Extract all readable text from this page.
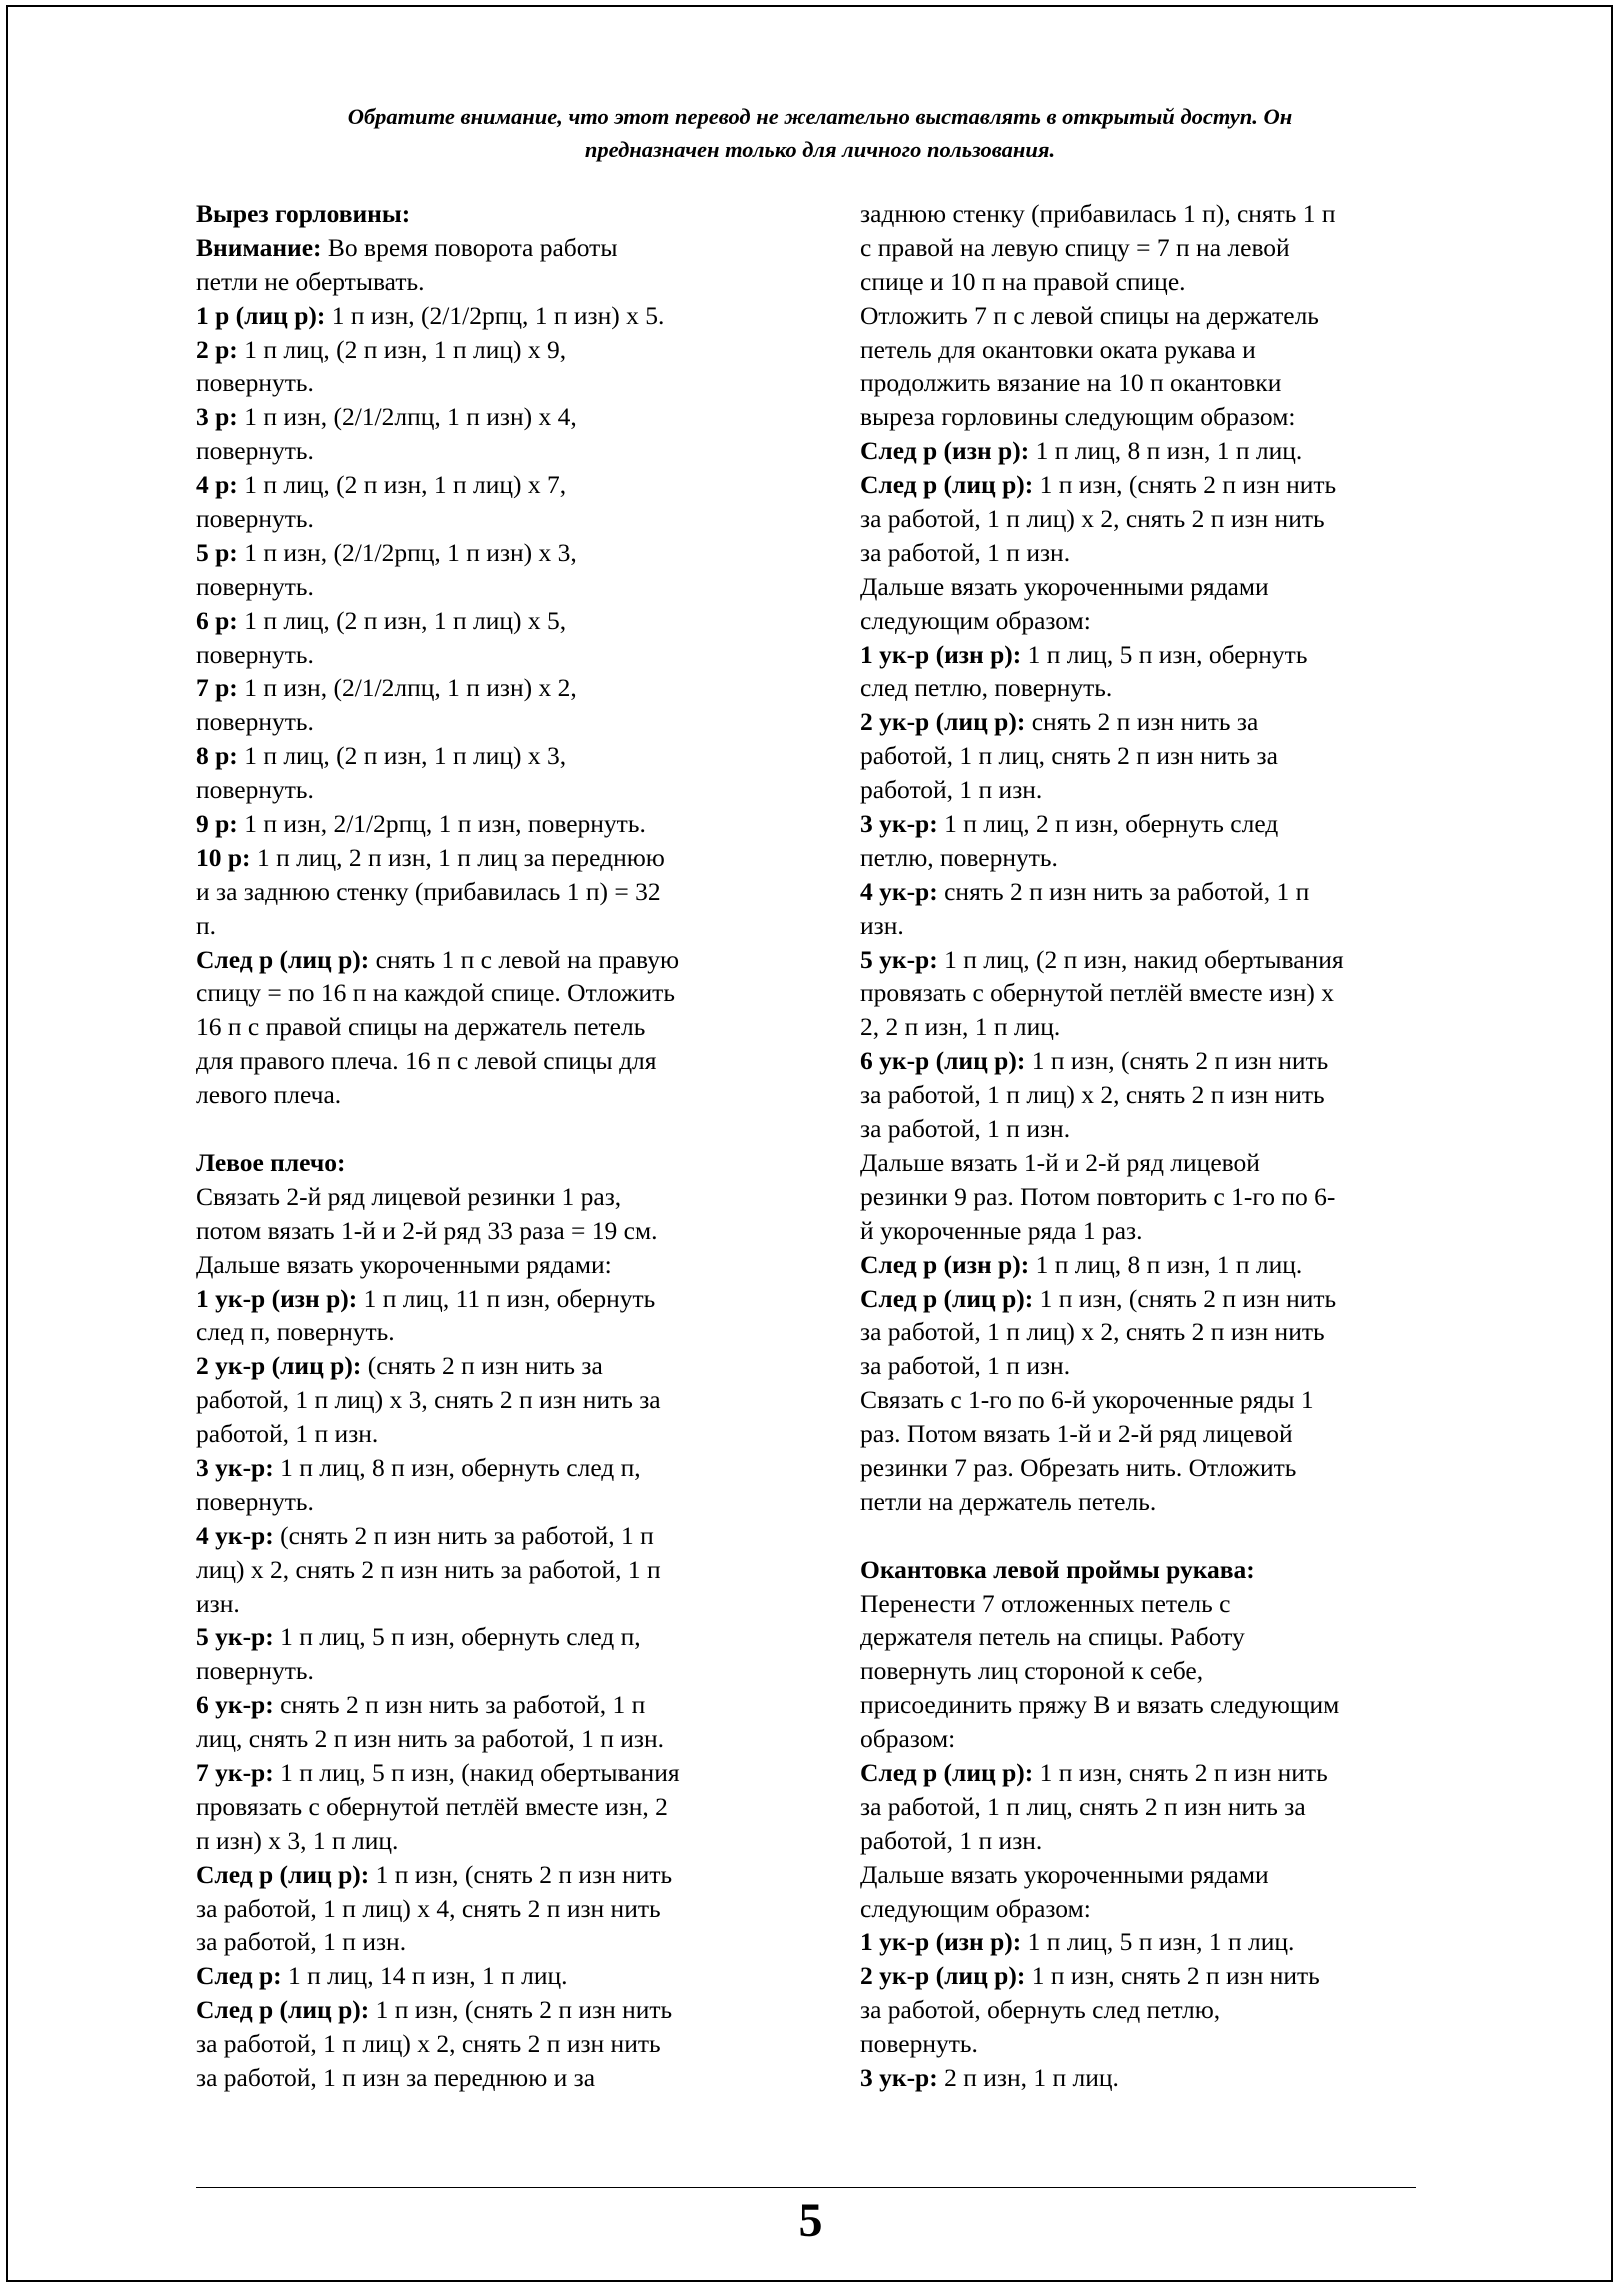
Обратите внимание, что этот перевод не желательно выставлять в открытый доступ. Он
предназначен только для личного пользования.
Вырез горловины:
Внимание: Во время поворота работы
петли не обертывать.
1 р (лиц р): 1 п изн, (2/1/2рпц, 1 п изн) х 5.
2 р: 1 п лиц, (2 п изн, 1 п лиц) х 9,
повернуть.
3 р: 1 п изн, (2/1/2лпц, 1 п изн) х 4,
повернуть.
4 р: 1 п лиц, (2 п изн, 1 п лиц) х 7,
повернуть.
5 р: 1 п изн, (2/1/2рпц, 1 п изн) х 3,
повернуть.
6 р: 1 п лиц, (2 п изн, 1 п лиц) х 5,
повернуть.
7 р: 1 п изн, (2/1/2лпц, 1 п изн) х 2,
повернуть.
8 р: 1 п лиц, (2 п изн, 1 п лиц) х 3,
повернуть.
9 р: 1 п изн, 2/1/2рпц, 1 п изн, повернуть.
10 р: 1 п лиц, 2 п изн, 1 п лиц за переднюю
и за заднюю стенку (прибавилась 1 п) = 32
п.
След р (лиц р): снять 1 п с левой на правую
спицу = по 16 п на каждой спице. Отложить
16 п с правой спицы на держатель петель
для правого плеча. 16 п с левой спицы для
левого плеча.
Левое плечо:
Связать 2-й ряд лицевой резинки 1 раз,
потом вязать 1-й и 2-й ряд 33 раза = 19 см.
Дальше вязать укороченными рядами:
1 ук-р (изн р): 1 п лиц, 11 п изн, обернуть
след п, повернуть.
2 ук-р (лиц р): (снять 2 п изн нить за
работой, 1 п лиц) х 3, снять 2 п изн нить за
работой, 1 п изн.
3 ук-р: 1 п лиц, 8 п изн, обернуть след п,
повернуть.
4 ук-р: (снять 2 п изн нить за работой, 1 п
лиц) х 2, снять 2 п изн нить за работой, 1 п
изн.
5 ук-р: 1 п лиц, 5 п изн, обернуть след п,
повернуть.
6 ук-р: снять 2 п изн нить за работой, 1 п
лиц, снять 2 п изн нить за работой, 1 п изн.
7 ук-р: 1 п лиц, 5 п изн, (накид обертывания
провязать с обернутой петлёй вместе изн, 2
п изн) х 3, 1 п лиц.
След р (лиц р): 1 п изн, (снять 2 п изн нить
за работой, 1 п лиц) х 4, снять 2 п изн нить
за работой, 1 п изн.
След р: 1 п лиц, 14 п изн, 1 п лиц.
След р (лиц р): 1 п изн, (снять 2 п изн нить
за работой, 1 п лиц) х 2, снять 2 п изн нить
за работой, 1 п изн за переднюю и за
заднюю стенку (прибавилась 1 п), снять 1 п
с правой на левую спицу = 7 п на левой
спице и 10 п на правой спице.
Отложить 7 п с левой спицы на держатель
петель для окантовки оката рукава и
продолжить вязание на 10 п окантовки
выреза горловины следующим образом:
След р (изн р): 1 п лиц, 8 п изн, 1 п лиц.
След р (лиц р): 1 п изн, (снять 2 п изн нить
за работой, 1 п лиц) х 2, снять 2 п изн нить
за работой, 1 п изн.
Дальше вязать укороченными рядами
следующим образом:
1 ук-р (изн р): 1 п лиц, 5 п изн, обернуть
след петлю, повернуть.
2 ук-р (лиц р): снять 2 п изн нить за
работой, 1 п лиц, снять 2 п изн нить за
работой, 1 п изн.
3 ук-р: 1 п лиц, 2 п изн, обернуть след
петлю, повернуть.
4 ук-р: снять 2 п изн нить за работой, 1 п
изн.
5 ук-р: 1 п лиц, (2 п изн, накид обертывания
провязать с обернутой петлёй вместе изн) х
2, 2 п изн, 1 п лиц.
6 ук-р (лиц р): 1 п изн, (снять 2 п изн нить
за работой, 1 п лиц) х 2, снять 2 п изн нить
за работой, 1 п изн.
Дальше вязать 1-й и 2-й ряд лицевой
резинки 9 раз. Потом повторить с 1-го по 6-
й укороченные ряда 1 раз.
След р (изн р): 1 п лиц, 8 п изн, 1 п лиц.
След р (лиц р): 1 п изн, (снять 2 п изн нить
за работой, 1 п лиц) х 2, снять 2 п изн нить
за работой, 1 п изн.
Связать с 1-го по 6-й укороченные ряды 1
раз. Потом вязать 1-й и 2-й ряд лицевой
резинки 7 раз. Обрезать нить. Отложить
петли на держатель петель.
Окантовка левой проймы рукава:
Перенести 7 отложенных петель с
держателя петель на спицы. Работу
повернуть лиц стороной к себе,
присоединить пряжу В и вязать следующим
образом:
След р (лиц р): 1 п изн, снять 2 п изн нить
за работой, 1 п лиц, снять 2 п изн нить за
работой, 1 п изн.
Дальше вязать укороченными рядами
следующим образом:
1 ук-р (изн р): 1 п лиц, 5 п изн, 1 п лиц.
2 ук-р (лиц р): 1 п изн, снять 2 п изн нить
за работой, обернуть след петлю,
повернуть.
3 ук-р: 2 п изн, 1 п лиц.
5
